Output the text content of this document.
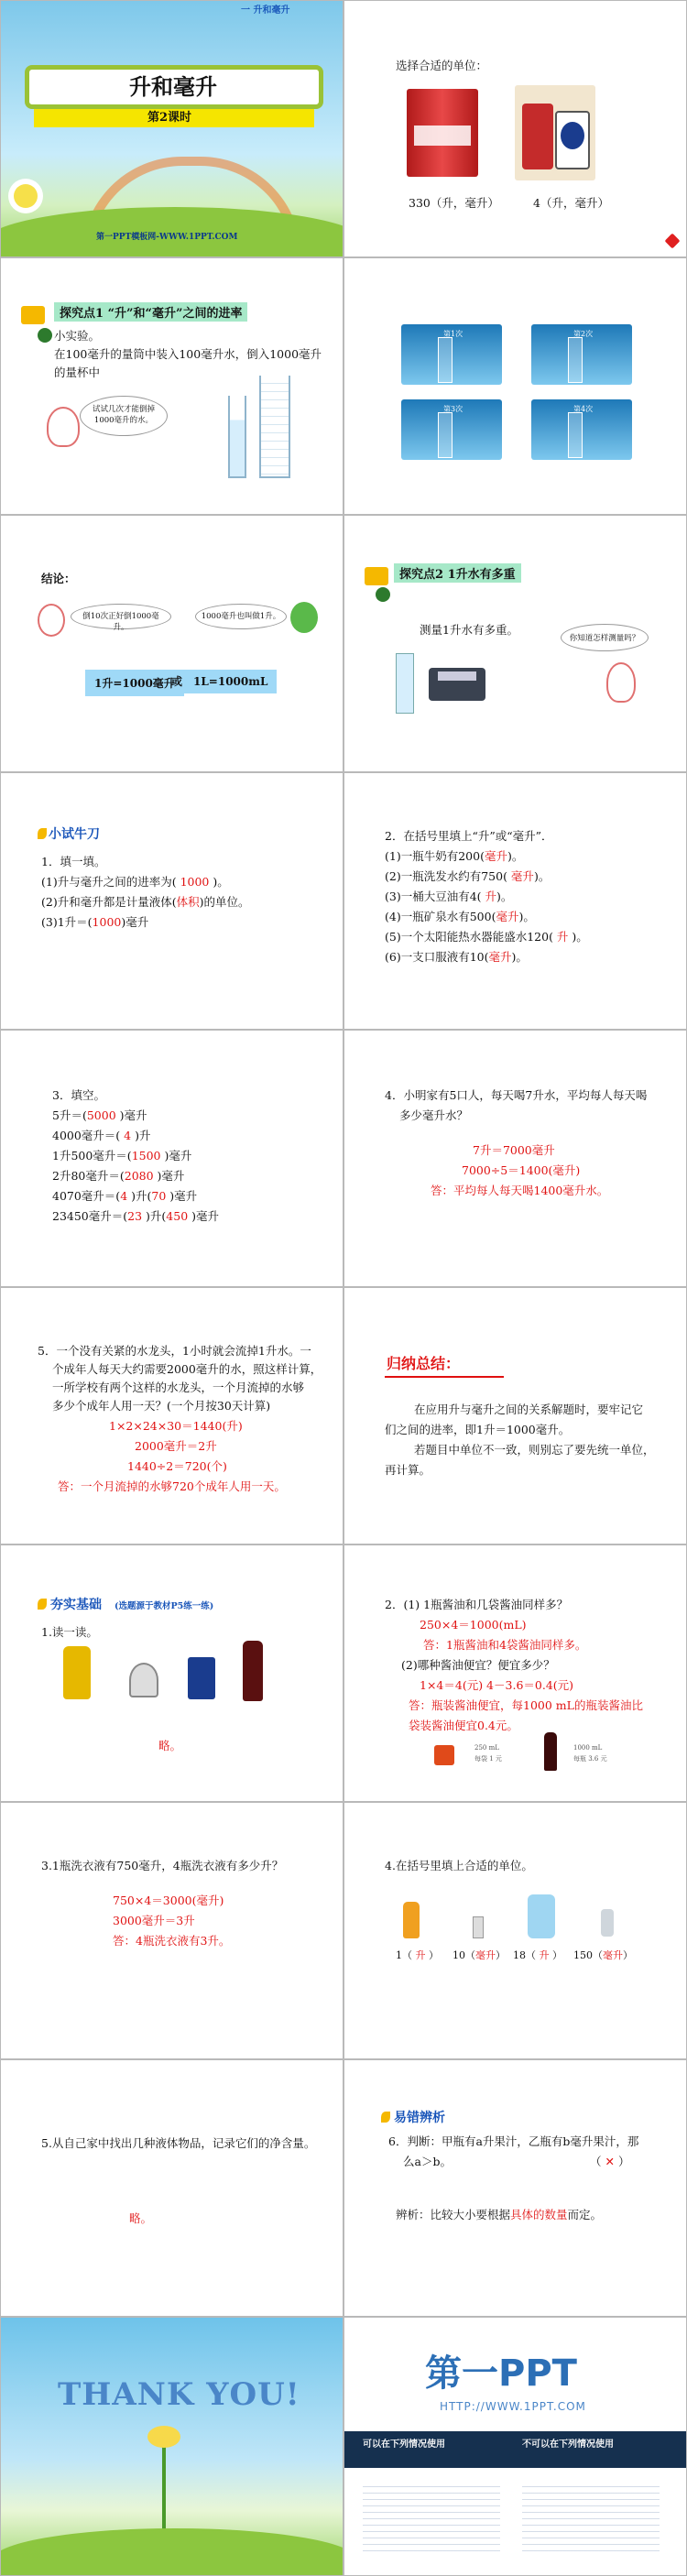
一 升和毫升
升和毫升
第2课时
第一PPT模板网-WWW.1PPT.COM
选择合适的单位：
330（升，毫升）	4（升，毫升）
探究点1 “升”和“毫升”之间的进率
小实验。
在100毫升的量筒中装入100毫升水，倒入1000毫升
的量杯中
试试几次才能倒掉1000毫升的水。
第1次	第2次
第3次	第4次
结论：
倒10次正好倒1000毫升。
1000毫升也叫做1升。
1升=1000毫升
或 1L=1000mL
探究点2 1升水有多重
测量1升水有多重。
你知道怎样测量吗？
小试牛刀
1．填一填。
(1)升与毫升之间的进率为( 1000 )。
(2)升和毫升都是计量液体(体积)的单位。
(3)1升＝(1000)毫升
2．在括号里填上“升”或“毫升”．
(1)一瓶牛奶有200(毫升)。
(2)一瓶洗发水约有750( 毫升)。
(3)一桶大豆油有4( 升)。
(4)一瓶矿泉水有500(毫升)。
(5)一个太阳能热水器能盛水120( 升 )。
(6)一支口服液有10(毫升)。
3．填空。
5升＝(5000 )毫升
4000毫升＝( 4 )升
1升500毫升＝(1500 )毫升
2升80毫升＝(2080 )毫升
4070毫升＝(4 )升(70 )毫升
23450毫升＝(23 )升(450 )毫升
4．小明家有5口人，每天喝7升水，平均每人每天喝
多少毫升水？
7升＝7000毫升
7000÷5＝1400(毫升)
答：平均每人每天喝1400毫升水。
5．一个没有关紧的水龙头，1小时就会流掉1升水。一
个成年人每天大约需要2000毫升的水，照这样计算，
一所学校有两个这样的水龙头，一个月流掉的水够
多少个成年人用一天？(一个月按30天计算)
1×2×24×30＝1440(升)
2000毫升＝2升
1440÷2＝720(个)
答：一个月流掉的水够720个成年人用一天。
归纳总结：
在应用升与毫升之间的关系解题时，要牢记它
们之间的进率，即1升＝1000毫升。
若题目中单位不一致，则别忘了要先统一单位，
再计算。
夯实基础 (选题源于教材P5练一练)
1.读一读。
略。
2．(1) 1瓶酱油和几袋酱油同样多？
250×4＝1000(mL)
答：1瓶酱油和4袋酱油同样多。
(2)哪种酱油便宜？便宜多少？
1×4＝4(元) 4－3.6＝0.4(元)
答：瓶装酱油便宜，每1000 mL的瓶装酱油比
袋装酱油便宜0.4元。
250 mL
每袋 1 元
1000 mL
每瓶 3.6 元
3.1瓶洗衣液有750毫升，4瓶洗衣液有多少升？
750×4＝3000(毫升)
3000毫升＝3升
答：4瓶洗衣液有3升。
4.在括号里填上合适的单位。
1（ 升 ） 10（毫升） 18（ 升 ） 150（毫升）
5.从自己家中找出几种液体物品，记录它们的净含量。
略。
易错辨析
6．判断：甲瓶有a升果汁，乙瓶有b毫升果汁，那
么a＞b。	（ ✕ ）
辨析：比较大小要根据具体的数量而定。
THANK YOU!	第一PPT
HTTP://WWW.1PPT.COM
可以在下列情况使用	不可以在下列情况使用
